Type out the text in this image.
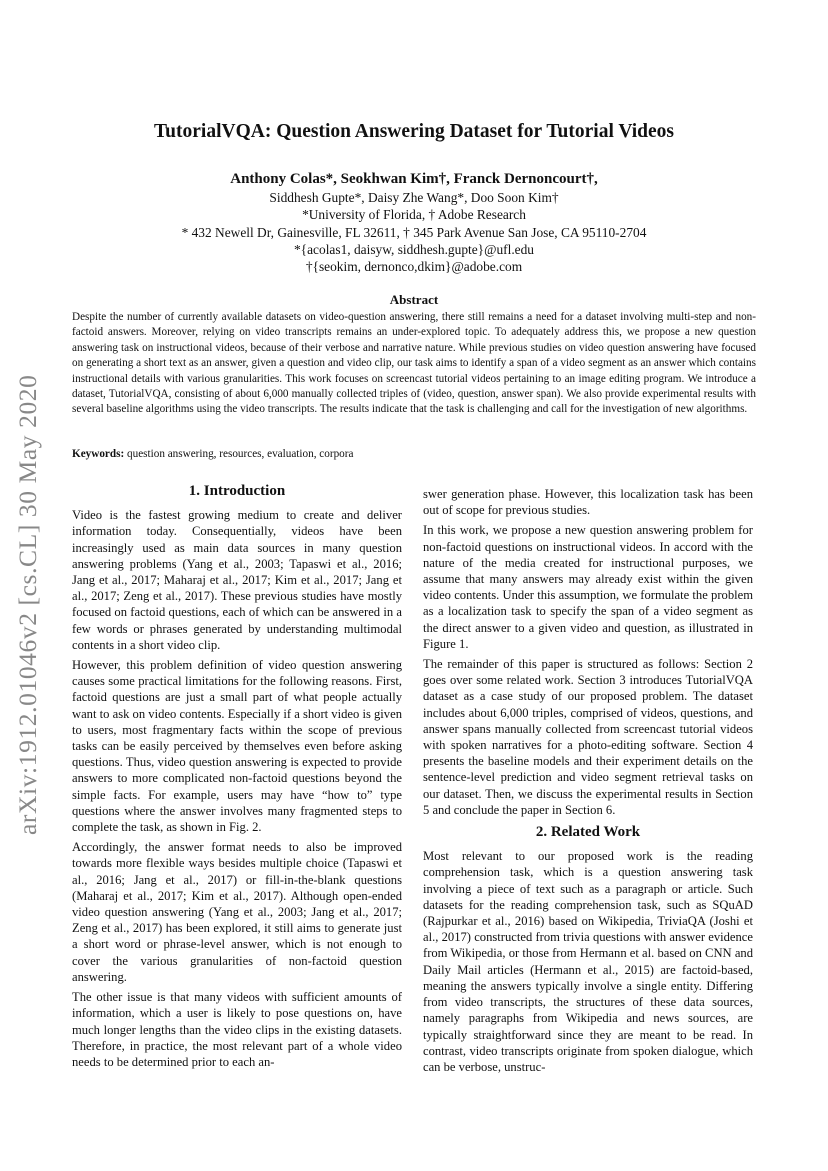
arXiv:1912.01046v2 [cs.CL] 30 May 2020
TutorialVQA: Question Answering Dataset for Tutorial Videos
Anthony Colas*, Seokhwan Kim†, Franck Dernoncourt†,
Siddhesh Gupte*, Daisy Zhe Wang*, Doo Soon Kim†
*University of Florida, † Adobe Research
* 432 Newell Dr, Gainesville, FL 32611, † 345 Park Avenue San Jose, CA 95110-2704
*{acolas1, daisyw, siddhesh.gupte}@ufl.edu
†{seokim, dernonco,dkim}@adobe.com
Abstract
Despite the number of currently available datasets on video-question answering, there still remains a need for a dataset involving multi-step and non-factoid answers. Moreover, relying on video transcripts remains an under-explored topic. To adequately address this, we propose a new question answering task on instructional videos, because of their verbose and narrative nature. While previous studies on video question answering have focused on generating a short text as an answer, given a question and video clip, our task aims to identify a span of a video segment as an answer which contains instructional details with various granularities. This work focuses on screencast tutorial videos pertaining to an image editing program. We introduce a dataset, TutorialVQA, consisting of about 6,000 manually collected triples of (video, question, answer span). We also provide experimental results with several baseline algorithms using the video transcripts. The results indicate that the task is challenging and call for the investigation of new algorithms.
Keywords: question answering, resources, evaluation, corpora
1. Introduction

Video is the fastest growing medium to create and deliver information today. Consequentially, videos have been increasingly used as main data sources in many question answering problems (Yang et al., 2003; Tapaswi et al., 2016; Jang et al., 2017; Maharaj et al., 2017; Kim et al., 2017; Jang et al., 2017; Zeng et al., 2017). These previous studies have mostly focused on factoid questions, each of which can be answered in a few words or phrases generated by understanding multimodal contents in a short video clip.

However, this problem definition of video question answering causes some practical limitations for the following reasons. First, factoid questions are just a small part of what people actually want to ask on video contents. Especially if a short video is given to users, most fragmentary facts within the scope of previous tasks can be easily perceived by themselves even before asking questions. Thus, video question answering is expected to provide answers to more complicated non-factoid questions beyond the simple facts. For example, users may have “how to” type questions where the answer involves many fragmented steps to complete the task, as shown in Fig. 2.

Accordingly, the answer format needs to also be improved towards more flexible ways besides multiple choice (Tapaswi et al., 2016; Jang et al., 2017) or fill-in-the-blank questions (Maharaj et al., 2017; Kim et al., 2017). Although open-ended video question answering (Yang et al., 2003; Jang et al., 2017; Zeng et al., 2017) has been explored, it still aims to generate just a short word or phrase-level answer, which is not enough to cover the various granularities of non-factoid question answering.

The other issue is that many videos with sufficient amounts of information, which a user is likely to pose questions on, have much longer lengths than the video clips in the existing datasets. Therefore, in practice, the most relevant part of a whole video needs to be determined prior to each an-

swer generation phase. However, this localization task has been out of scope for previous studies.

In this work, we propose a new question answering problem for non-factoid questions on instructional videos. In accord with the nature of the media created for instructional purposes, we assume that many answers may already exist within the given video contents. Under this assumption, we formulate the problem as a localization task to specify the span of a video segment as the direct answer to a given video and question, as illustrated in Figure 1.

The remainder of this paper is structured as follows: Section 2 goes over some related work. Section 3 introduces TutorialVQA dataset as a case study of our proposed problem. The dataset includes about 6,000 triples, comprised of videos, questions, and answer spans manually collected from screencast tutorial videos with spoken narratives for a photo-editing software. Section 4 presents the baseline models and their experiment details on the sentence-level prediction and video segment retrieval tasks on our dataset. Then, we discuss the experimental results in Section 5 and conclude the paper in Section 6.

2. Related Work

Most relevant to our proposed work is the reading comprehension task, which is a question answering task involving a piece of text such as a paragraph or article. Such datasets for the reading comprehension task, such as SQuAD (Rajpurkar et al., 2016) based on Wikipedia, TriviaQA (Joshi et al., 2017) constructed from trivia questions with answer evidence from Wikipedia, or those from Hermann et al. based on CNN and Daily Mail articles (Hermann et al., 2015) are factoid-based, meaning the answers typically involve a single entity. Differing from video transcripts, the structures of these data sources, namely paragraphs from Wikipedia and news sources, are typically straightforward since they are meant to be read. In contrast, video transcripts originate from spoken dialogue, which can be verbose, unstruc-
